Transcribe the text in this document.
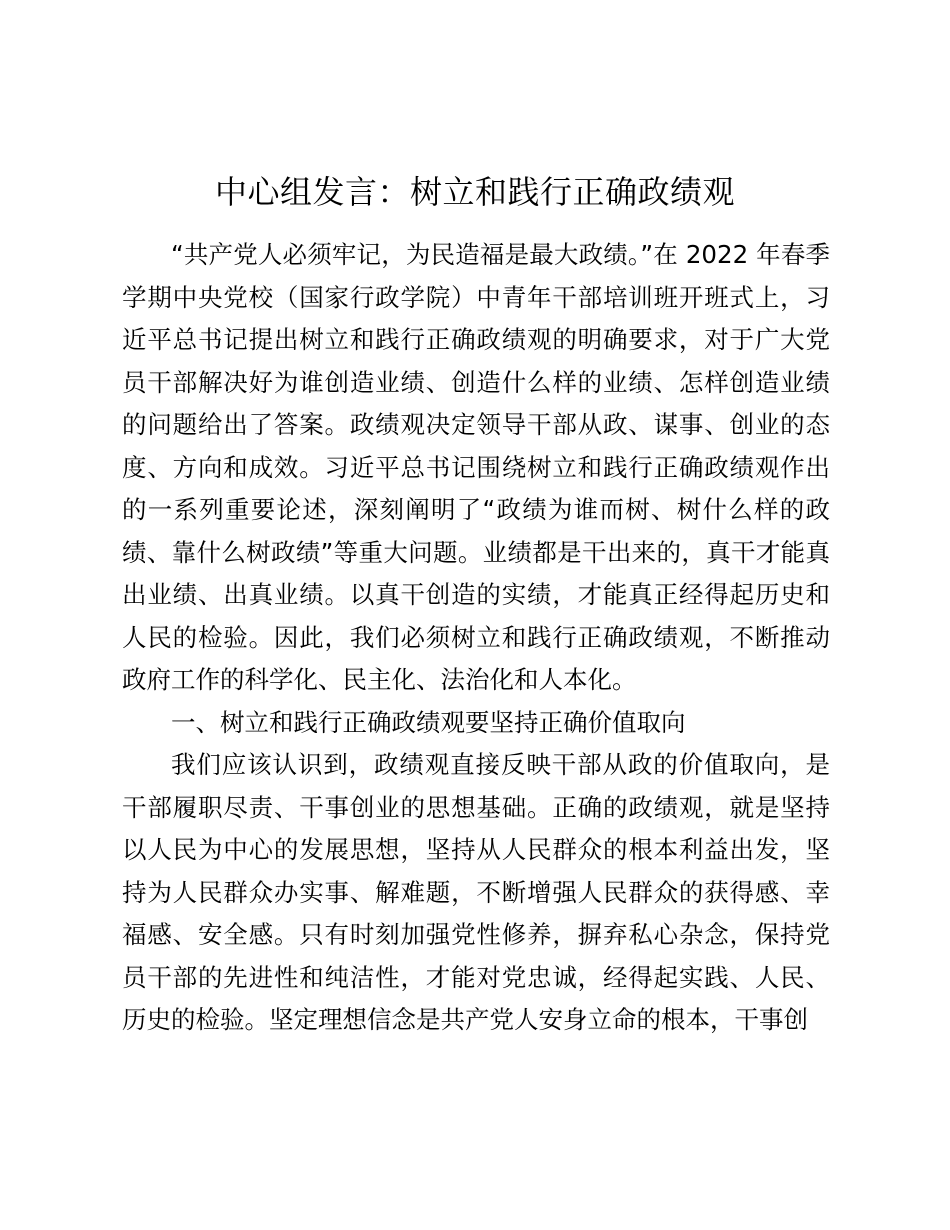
中心组发言：树立和践行正确政绩观

“共产党人必须牢记，为民造福是最大政绩。”在 2022 年春季学期中央党校（国家行政学院）中青年干部培训班开班式上，习近平总书记提出树立和践行正确政绩观的明确要求，对于广大党员干部解决好为谁创造业绩、创造什么样的业绩、怎样创造业绩的问题给出了答案。政绩观决定领导干部从政、谋事、创业的态度、方向和成效。习近平总书记围绕树立和践行正确政绩观作出的一系列重要论述，深刻阐明了“政绩为谁而树、树什么样的政绩、靠什么树政绩”等重大问题。业绩都是干出来的，真干才能真出业绩、出真业绩。以真干创造的实绩，才能真正经得起历史和人民的检验。因此，我们必须树立和践行正确政绩观，不断推动政府工作的科学化、民主化、法治化和人本化。

一、树立和践行正确政绩观要坚持正确价值取向

我们应该认识到，政绩观直接反映干部从政的价值取向，是干部履职尽责、干事创业的思想基础。正确的政绩观，就是坚持以人民为中心的发展思想，坚持从人民群众的根本利益出发，坚持为人民群众办实事、解难题，不断增强人民群众的获得感、幸福感、安全感。只有时刻加强党性修养，摒弃私心杂念，保持党员干部的先进性和纯洁性，才能对党忠诚，经得起实践、人民、历史的检验。坚定理想信念是共产党人安身立命的根本，干事创
